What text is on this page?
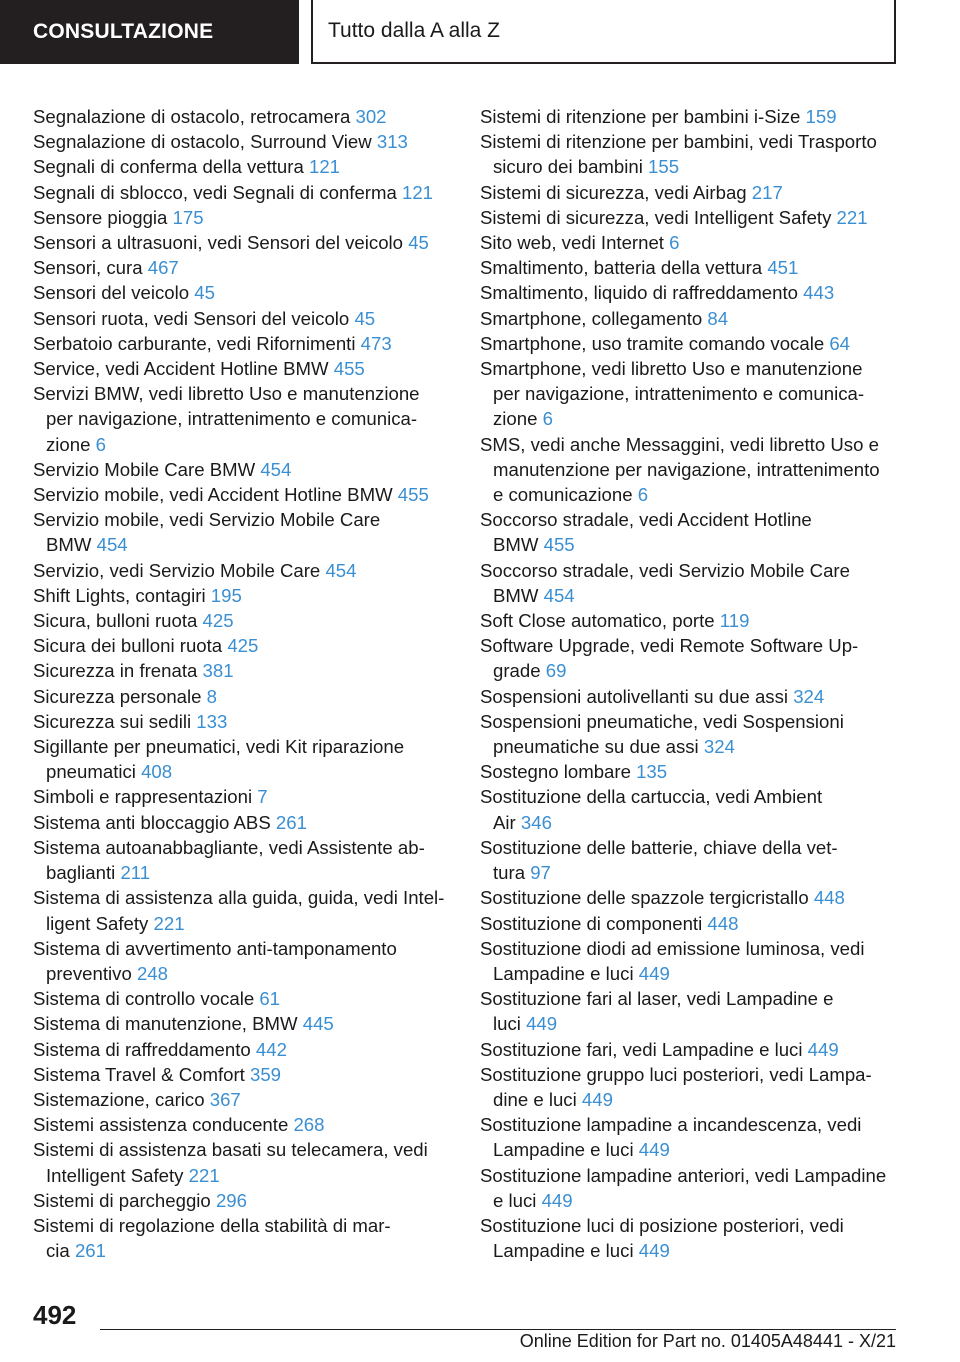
CONSULTAZIONE	Tutto dalla A alla Z
Segnalazione di ostacolo, retrocamera 302
Segnalazione di ostacolo, Surround View 313
Segnali di conferma della vettura 121
Segnali di sblocco, vedi Segnali di conferma 121
Sensore pioggia 175
Sensori a ultrasuoni, vedi Sensori del veicolo 45
Sensori, cura 467
Sensori del veicolo 45
Sensori ruota, vedi Sensori del veicolo 45
Serbatoio carburante, vedi Rifornimenti 473
Service, vedi Accident Hotline BMW 455
Servizi BMW, vedi libretto Uso e manutenzione
per navigazione, intrattenimento e comunica-
zione 6
Servizio Mobile Care BMW 454
Servizio mobile, vedi Accident Hotline BMW 455
Servizio mobile, vedi Servizio Mobile Care
BMW 454
Servizio, vedi Servizio Mobile Care 454
Shift Lights, contagiri 195
Sicura, bulloni ruota 425
Sicura dei bulloni ruota 425
Sicurezza in frenata 381
Sicurezza personale 8
Sicurezza sui sedili 133
Sigillante per pneumatici, vedi Kit riparazione
pneumatici 408
Simboli e rappresentazioni 7
Sistema anti bloccaggio ABS 261
Sistema autoanabbagliante, vedi Assistente ab-
baglianti 211
Sistema di assistenza alla guida, guida, vedi Intel-
ligent Safety 221
Sistema di avvertimento anti-tamponamento
preventivo 248
Sistema di controllo vocale 61
Sistema di manutenzione, BMW 445
Sistema di raffreddamento 442
Sistema Travel & Comfort 359
Sistemazione, carico 367
Sistemi assistenza conducente 268
Sistemi di assistenza basati su telecamera, vedi
Intelligent Safety 221
Sistemi di parcheggio 296
Sistemi di regolazione della stabilità di mar-
cia 261
Sistemi di ritenzione per bambini i-Size 159
Sistemi di ritenzione per bambini, vedi Trasporto
sicuro dei bambini 155
Sistemi di sicurezza, vedi Airbag 217
Sistemi di sicurezza, vedi Intelligent Safety 221
Sito web, vedi Internet 6
Smaltimento, batteria della vettura 451
Smaltimento, liquido di raffreddamento 443
Smartphone, collegamento 84
Smartphone, uso tramite comando vocale 64
Smartphone, vedi libretto Uso e manutenzione
per navigazione, intrattenimento e comunica-
zione 6
SMS, vedi anche Messaggini, vedi libretto Uso e
manutenzione per navigazione, intrattenimento
e comunicazione 6
Soccorso stradale, vedi Accident Hotline
BMW 455
Soccorso stradale, vedi Servizio Mobile Care
BMW 454
Soft Close automatico, porte 119
Software Upgrade, vedi Remote Software Up-
grade 69
Sospensioni autolivellanti su due assi 324
Sospensioni pneumatiche, vedi Sospensioni
pneumatiche su due assi 324
Sostegno lombare 135
Sostituzione della cartuccia, vedi Ambient
Air 346
Sostituzione delle batterie, chiave della vet-
tura 97
Sostituzione delle spazzole tergicristallo 448
Sostituzione di componenti 448
Sostituzione diodi ad emissione luminosa, vedi
Lampadine e luci 449
Sostituzione fari al laser, vedi Lampadine e
luci 449
Sostituzione fari, vedi Lampadine e luci 449
Sostituzione gruppo luci posteriori, vedi Lampa-
dine e luci 449
Sostituzione lampadine a incandescenza, vedi
Lampadine e luci 449
Sostituzione lampadine anteriori, vedi Lampadine
e luci 449
Sostituzione luci di posizione posteriori, vedi
Lampadine e luci 449
492
Online Edition for Part no. 01405A48441 - X/21
